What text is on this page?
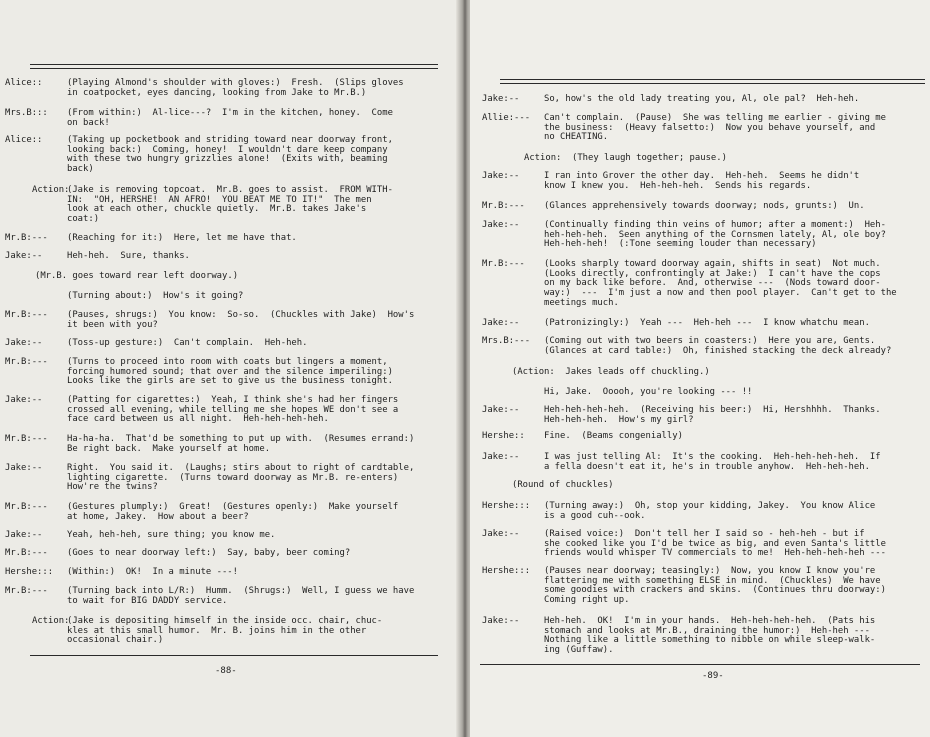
Alice::	(Playing Almond's shoulder with gloves:)  Fresh.  (Slips gloves
in coatpocket, eyes dancing, looking from Jake to Mr.B.)
Mrs.B::: (From within:)  Al-lice---?  I'm in the kitchen, honey.  Come
on back!
Alice::	(Taking up pocketbook and striding toward near doorway front,
looking back:)  Coming, honey!  I wouldn't dare keep company
with these two hungry grizzlies alone!  (Exits with, beaming
back)
Action:
(Jake is removing topcoat.  Mr.B. goes to assist.  FROM WITH-
IN:  "OH, HERSHE!  AN AFRO!  YOU BEAT ME TO IT!"  The men
look at each other, chuckle quietly.  Mr.B. takes Jake's
coat:)
Mr.B:--- (Reaching for it:)  Here, let me have that.
Jake:--	Heh-heh.  Sure, thanks.
(Mr.B. goes toward rear left doorway.)
(Turning about:)  How's it going?
Mr.B:--- (Pauses, shrugs:)  You know:  So-so.  (Chuckles with Jake)  How's
it been with you?
Jake:--	(Toss-up gesture:)  Can't complain.  Heh-heh.
Mr.B:--- (Turns to proceed into room with coats but lingers a moment,
forcing humored sound; that over and the silence imperiling:)
Looks like the girls are set to give us the business tonight.
Jake:--	(Patting for cigarettes:)  Yeah, I think she's had her fingers
crossed all evening, while telling me she hopes WE don't see a
face card between us all night.  Heh-heh-heh-heh.
Mr.B:--- Ha-ha-ha.  That'd be something to put up with.  (Resumes errand:)
Be right back.  Make yourself at home.
Jake:--	Right.  You said it.  (Laughs; stirs about to right of cardtable,
lighting cigarette.  (Turns toward doorway as Mr.B. re-enters)
How're the twins?
Mr.B:--- (Gestures plumply:)  Great!  (Gestures openly:)  Make yourself
at home, Jakey.  How about a beer?
Jake:--	Yeah, heh-heh, sure thing; you know me.
Mr.B:--- (Goes to near doorway left:)  Say, baby, beer coming?
Hershe::: (Within:)  OK!  In a minute ---!
Mr.B:--- (Turning back into L/R:)  Humm.  (Shrugs:)  Well, I guess we have
to wait for BIG DADDY service.
Action:
(Jake is depositing himself in the inside occ. chair, chuc-
kles at this small humor.  Mr. B. joins him in the other
occasional chair.)
-88-
Jake:--	So, how's the old lady treating you, Al, ole pal?  Heh-heh.
Allie:--- Can't complain.  (Pause)  She was telling me earlier - giving me
the business:  (Heavy falsetto:)  Now you behave yourself, and
no CHEATING.
Action: (They laugh together; pause.)
Jake:--	I ran into Grover the other day.  Heh-heh.  Seems he didn't
know I knew you.  Heh-heh-heh.  Sends his regards.
Mr.B:--- (Glances apprehensively towards doorway; nods, grunts:)  Un.
Jake:--	(Continually finding thin veins of humor; after a moment:)  Heh-
heh-heh-heh.  Seen anything of the Cornsmen lately, Al, ole boy?
Heh-heh-heh!  (:Tone seeming louder than necessary)
Mr.B:--- (Looks sharply toward doorway again, shifts in seat)  Not much.
(Looks directly, confrontingly at Jake:)  I can't have the cops
on my back like before.  And, otherwise ---  (Nods toward door-
way:)  ---  I'm just a now and then pool player.  Can't get to the
meetings much.
Jake:--	(Patronizingly:)  Yeah ---  Heh-heh ---  I know whatchu mean.
Mrs.B:--- (Coming out with two beers in coasters:)  Here you are, Gents.
(Glances at card table:)  Oh, finished stacking the deck already?
(Action:  Jakes leads off chuckling.)
Hi, Jake.  Ooooh, you're looking --- !!
Jake:--	Heh-heh-heh-heh.  (Receiving his beer:)  Hi, Hershhhh.  Thanks.
Heh-heh-heh.  How's my girl?
Hershe:: Fine.  (Beams congenially)
Jake:--	I was just telling Al:  It's the cooking.  Heh-heh-heh-heh.  If
a fella doesn't eat it, he's in trouble anyhow.  Heh-heh-heh.
(Round of chuckles)
Hershe::: (Turning away:)  Oh, stop your kidding, Jakey.  You know Alice
is a good cuh--ook.
Jake:--	(Raised voice:)  Don't tell her I said so - heh-heh - but if
she cooked like you I'd be twice as big, and even Santa's little
friends would whisper TV commercials to me!  Heh-heh-heh-heh ---
Hershe::: (Pauses near doorway; teasingly:)  Now, you know I know you're
flattering me with something ELSE in mind.  (Chuckles)  We have
some goodies with crackers and skins.  (Continues thru doorway:)
Coming right up.
Jake:--	Heh-heh.  OK!  I'm in your hands.  Heh-heh-heh-heh.  (Pats his
stomach and looks at Mr.B., draining the humor:)  Heh-heh ---
Nothing like a little something to nibble on while sleep-walk-
ing (Guffaw).
-89-
